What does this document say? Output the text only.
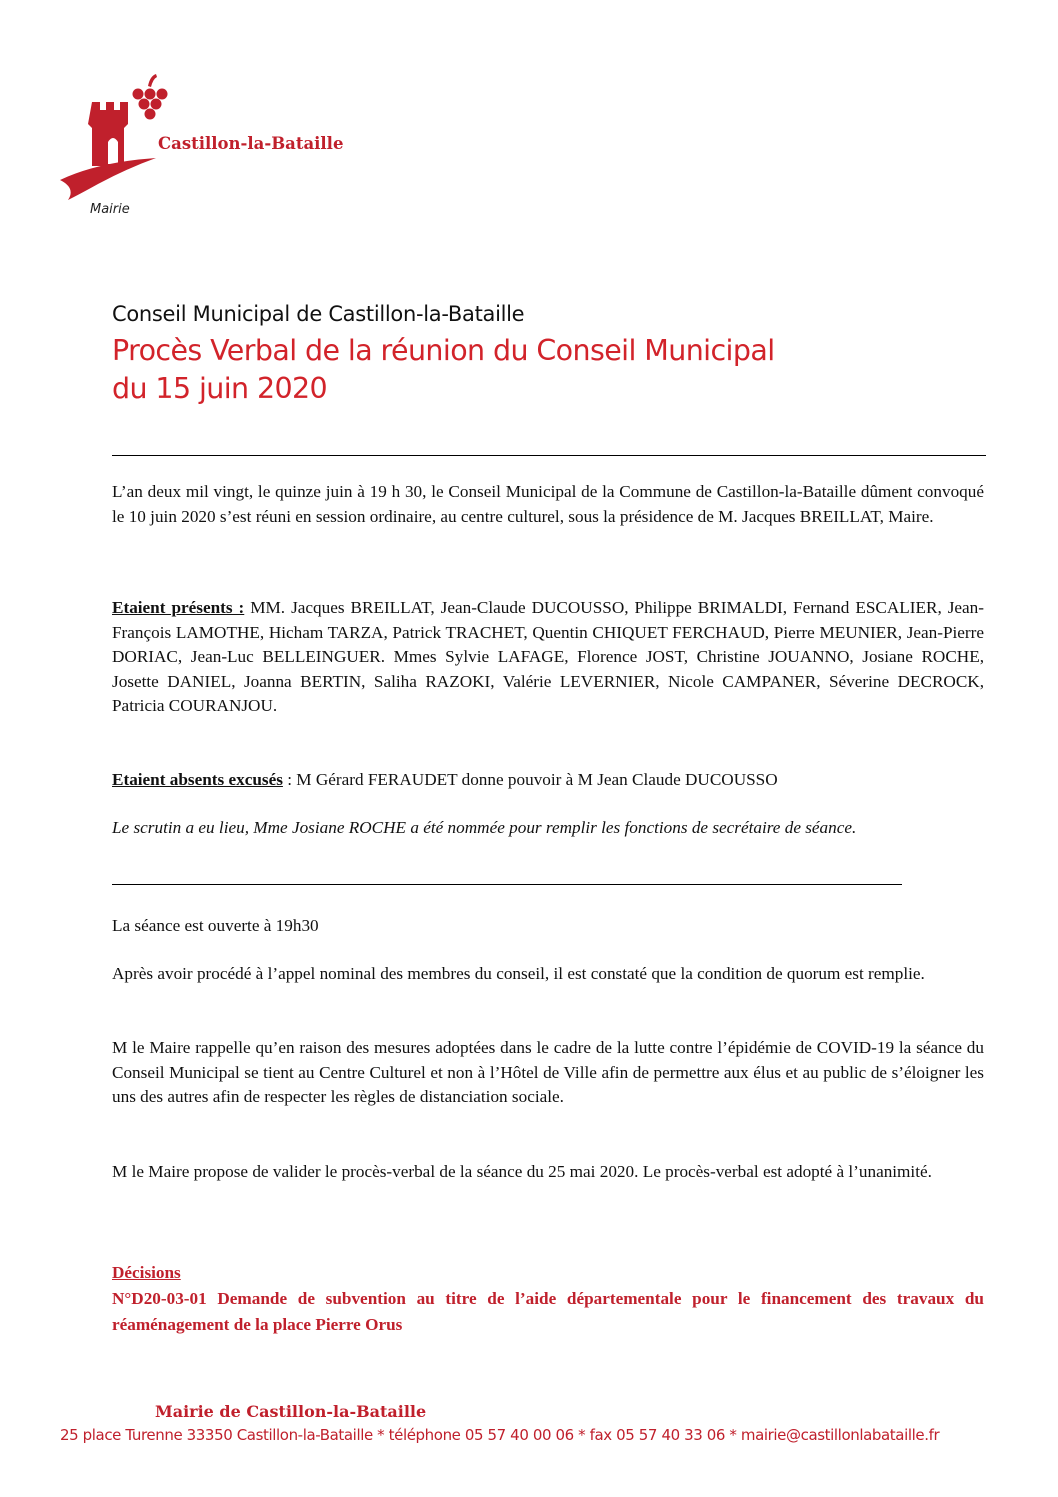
Castillon-la-Bataille
Mairie
Conseil Municipal de Castillon-la-Bataille
Procès Verbal de la réunion du Conseil Municipal
du 15 juin 2020

L’an deux mil vingt, le quinze juin à 19 h 30, le Conseil Municipal de la Commune de Castillon-la-Bataille dûment convoqué le 10 juin 2020 s’est réuni en session ordinaire, au centre culturel, sous la présidence de M. Jacques BREILLAT, Maire.

Etaient présents : MM. Jacques BREILLAT, Jean-Claude DUCOUSSO, Philippe BRIMALDI, Fernand ESCALIER, Jean-François LAMOTHE, Hicham TARZA, Patrick TRACHET, Quentin CHIQUET FERCHAUD, Pierre MEUNIER, Jean-Pierre DORIAC, Jean-Luc BELLEINGUER. Mmes Sylvie LAFAGE, Florence JOST, Christine JOUANNO, Josiane ROCHE, Josette DANIEL, Joanna BERTIN, Saliha RAZOKI, Valérie LEVERNIER, Nicole CAMPANER, Séverine DECROCK, Patricia COURANJOU.

Etaient absents excusés : M Gérard FERAUDET donne pouvoir à M Jean Claude DUCOUSSO

Le scrutin a eu lieu, Mme Josiane ROCHE a été nommée pour remplir les fonctions de secrétaire de séance.

La séance est ouverte à 19h30

Après avoir procédé à l’appel nominal des membres du conseil, il est constaté que la condition de quorum est remplie.

M le Maire rappelle qu’en raison des mesures adoptées dans le cadre de la lutte contre l’épidémie de COVID-19 la séance du Conseil Municipal se tient au Centre Culturel et non à l’Hôtel de Ville afin de permettre aux élus et au public de s’éloigner les uns des autres afin de respecter les règles de distanciation sociale.

M le Maire propose de valider le procès-verbal de la séance du 25 mai 2020. Le procès-verbal est adopté à l’unanimité.

Décisions
N°D20-03-01 Demande de subvention au titre de l’aide départementale pour le financement des travaux du réaménagement de la place Pierre Orus
Mairie de Castillon-la-Bataille
25 place Turenne 33350 Castillon-la-Bataille * téléphone 05 57 40 00 06 * fax 05 57 40 33 06 * mairie@castillonlabataille.fr
